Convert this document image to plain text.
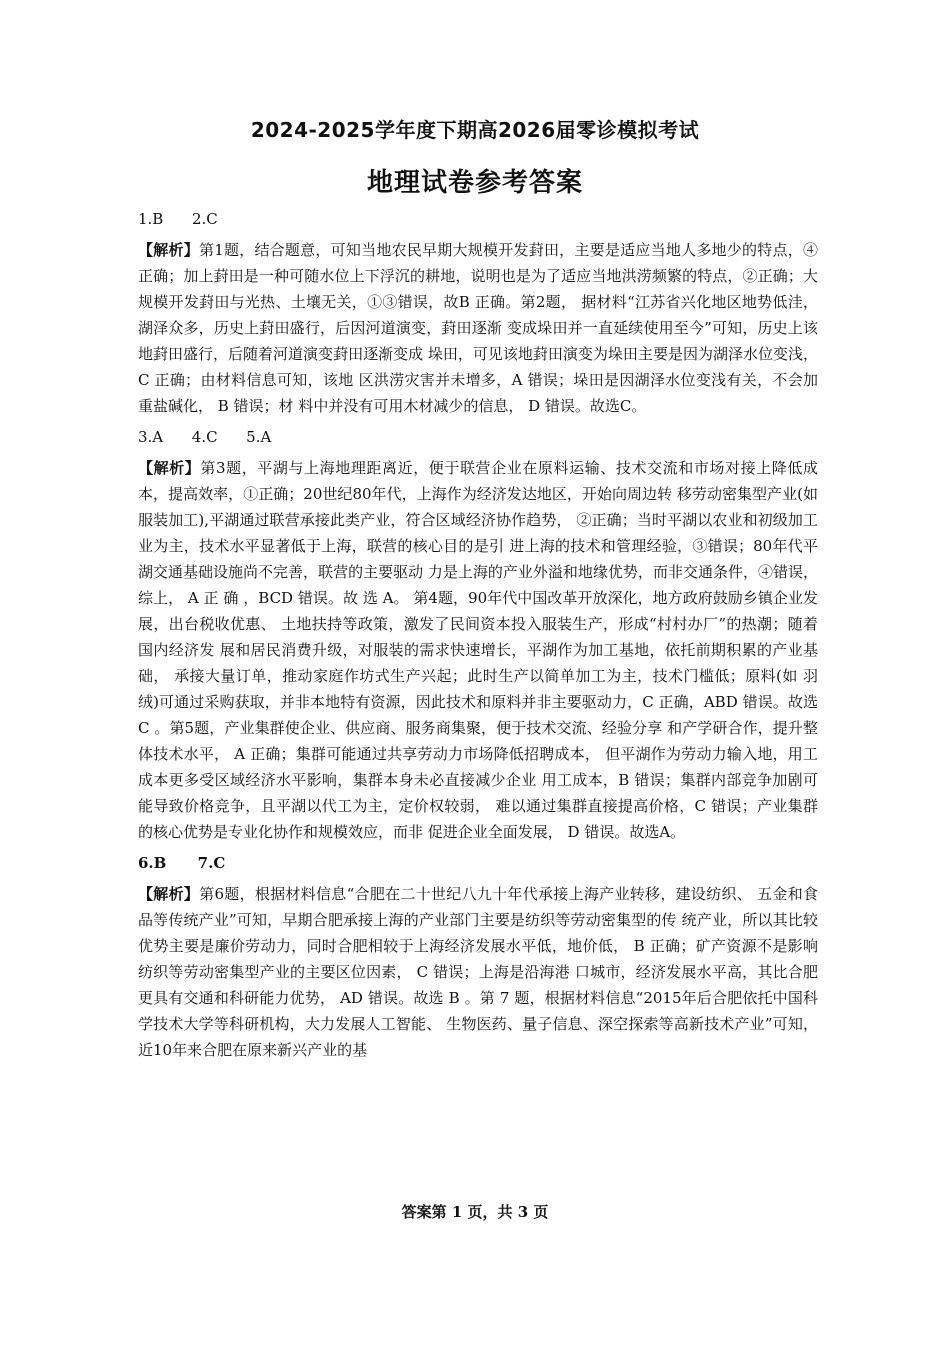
2024-2025学年度下期高2026届零诊模拟考试
地理试卷参考答案
1.B      2.C

【解析】第1题，结合题意，可知当地农民早期大规模开发葑田，主要是适应当地人多地少的特点，④正确；加上葑田是一种可随水位上下浮沉的耕地，说明也是为了适应当地洪涝频繁的特点，②正确；大规模开发葑田与光热、土壤无关，①③错误，故B 正确。第2题， 据材料“江苏省兴化地区地势低洼，湖泽众多，历史上葑田盛行，后因河道演变，葑田逐渐 变成垛田并一直延续使用至今”可知，历史上该地葑田盛行，后随着河道演变葑田逐渐变成 垛田，可见该地葑田演变为垛田主要是因为湖泽水位变浅， C 正确；由材料信息可知，该地 区洪涝灾害并未增多，A 错误；垛田是因湖泽水位变浅有关，不会加重盐碱化， B 错误；材 料中并没有可用木材减少的信息， D 错误。故选C。

3.A      4.C      5.A

【解析】第3题，平湖与上海地理距离近，便于联营企业在原料运输、技术交流和市场对接上降低成本，提高效率，①正确；20世纪80年代，上海作为经济发达地区，开始向周边转 移劳动密集型产业(如服装加工),平湖通过联营承接此类产业，符合区域经济协作趋势， ②正确；当时平湖以农业和初级加工业为主，技术水平显著低于上海，联营的核心目的是引 进上海的技术和管理经验，③错误；80年代平湖交通基础设施尚不完善，联营的主要驱动 力是上海的产业外溢和地缘优势，而非交通条件，④错误，综上， A 正 确 ，BCD 错误。故 选 A。 第4题，90年代中国改革开放深化，地方政府鼓励乡镇企业发展，出台税收优惠、 土地扶持等政策，激发了民间资本投入服装生产，形成“村村办厂”的热潮；随着国内经济发 展和居民消费升级，对服装的需求快速增长，平湖作为加工基地，依托前期积累的产业基础， 承接大量订单，推动家庭作坊式生产兴起；此时生产以简单加工为主，技术门槛低；原料(如 羽绒)可通过采购获取，并非本地特有资源，因此技术和原料并非主要驱动力，C 正确，ABD 错误。故选C 。第5题，产业集群使企业、供应商、服务商集聚，便于技术交流、经验分享 和产学研合作，提升整体技术水平， A 正确；集群可能通过共享劳动力市场降低招聘成本， 但平湖作为劳动力输入地，用工成本更多受区域经济水平影响，集群本身未必直接减少企业 用工成本，B 错误；集群内部竞争加剧可能导致价格竞争，且平湖以代工为主，定价权较弱， 难以通过集群直接提高价格，C 错误；产业集群的核心优势是专业化协作和规模效应，而非 促进企业全面发展， D 错误。故选A。

6.B      7.C

【解析】第6题，根据材料信息“合肥在二十世纪八九十年代承接上海产业转移，建设纺织、 五金和食品等传统产业”可知，早期合肥承接上海的产业部门主要是纺织等劳动密集型的传 统产业，所以其比较优势主要是廉价劳动力，同时合肥相较于上海经济发展水平低，地价低， B 正确；矿产资源不是影响纺织等劳动密集型产业的主要区位因素， C 错误；上海是沿海港 口城市，经济发展水平高，其比合肥更具有交通和科研能力优势， AD 错误。故选 B 。第 7 题，根据材料信息“2015年后合肥依托中国科学技术大学等科研机构，大力发展人工智能、 生物医药、量子信息、深空探索等高新技术产业”可知，近10年来合肥在原来新兴产业的基

答案第 1 页，共 3 页
